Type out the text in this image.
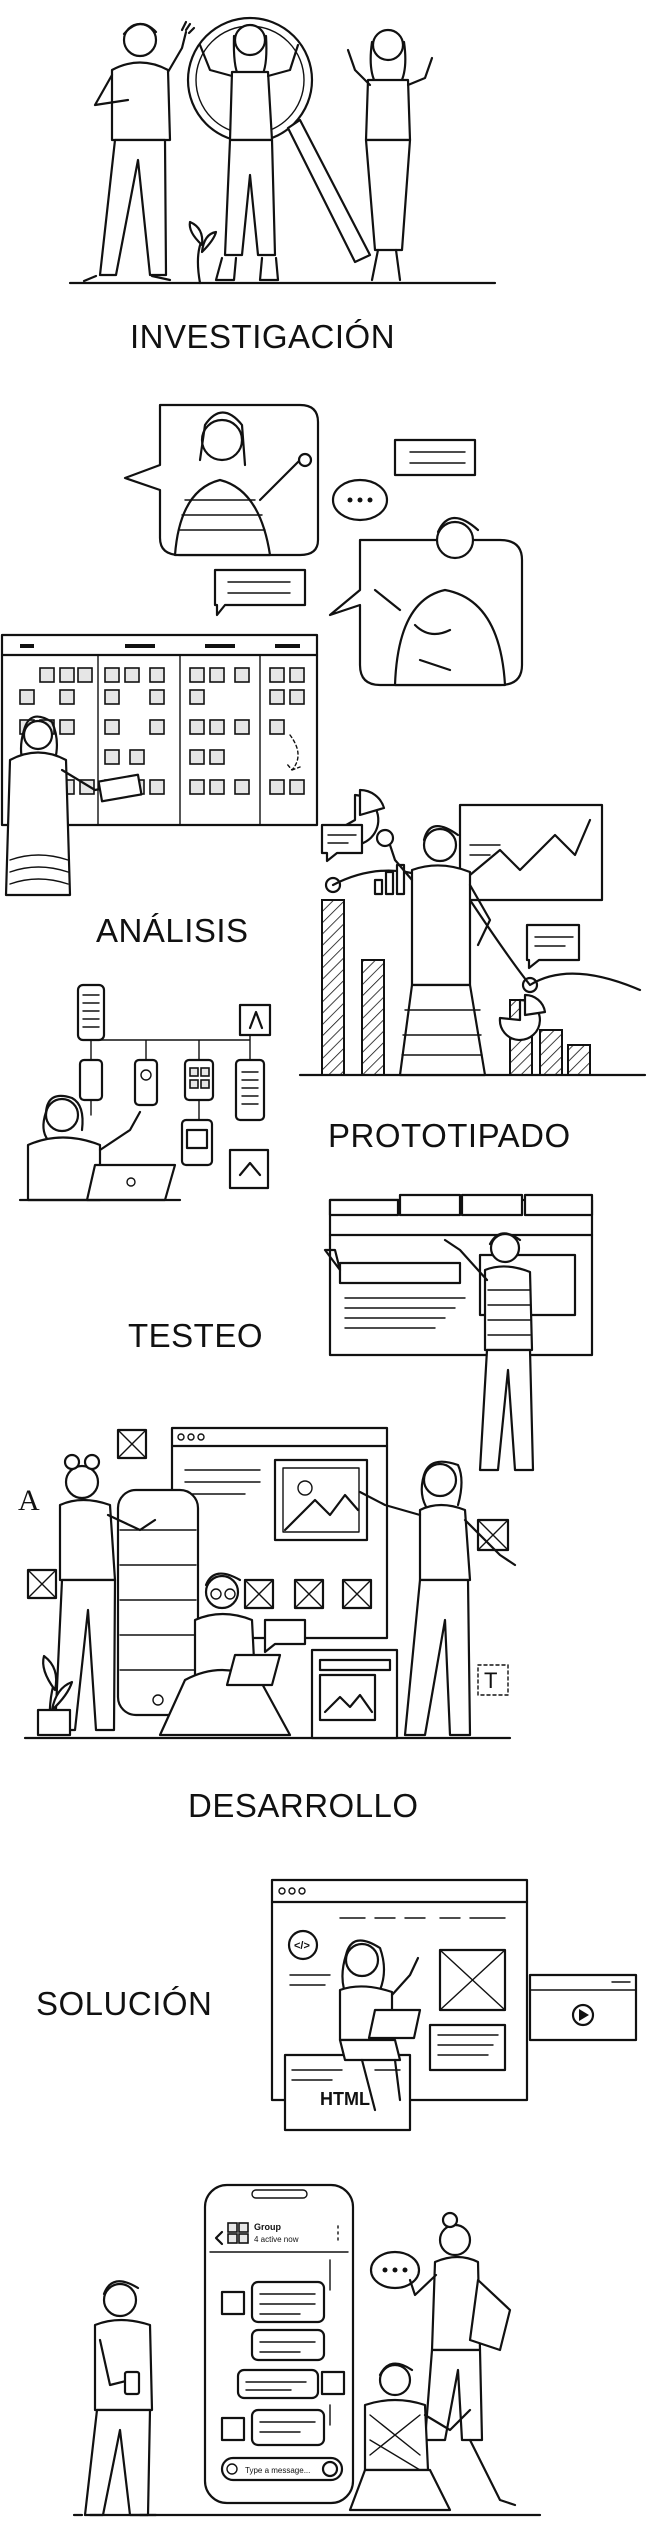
INVESTIGACIÓN
ANÁLISIS
PROTOTIPADO
TESTEO
DESARROLLO
SOLUCIÓN
A
T
</>
HTML
Group
4 active now
Type a message...
